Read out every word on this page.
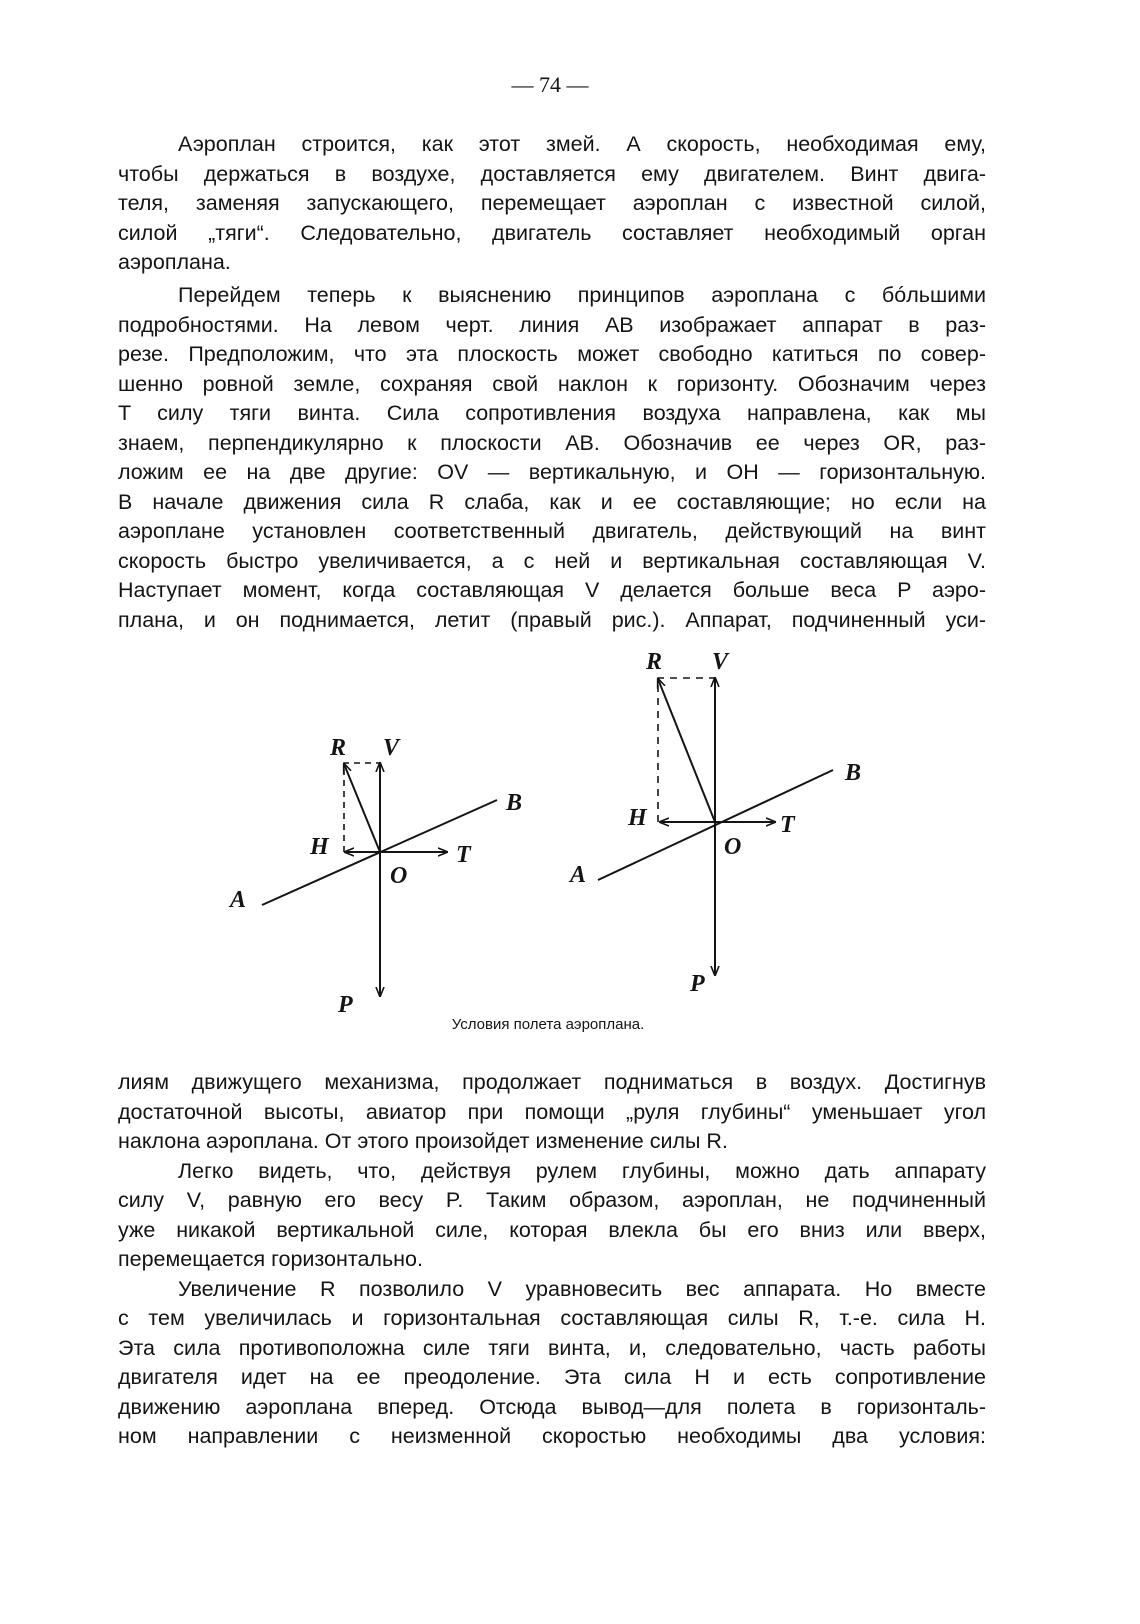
— 74 —
Аэроплан строится, как этот змей. А скорость, необходимая ему,
чтобы держаться в воздухе, доставляется ему двигателем. Винт двига-
теля, заменяя запускающего, перемещает аэроплан с известной силой,
силой „тяги“. Следовательно, двигатель составляет необходимый орган
аэроплана.
Перейдем теперь к выяснению принципов аэроплана с бóльшими
подробностями. На левом черт. линия AB изображает аппарат в раз-
резе. Предположим, что эта плоскость может свободно катиться по совер-
шенно ровной земле, сохраняя свой наклон к горизонту. Обозначим через
T силу тяги винта. Сила сопротивления воздуха направлена, как мы
знаем, перпендикулярно к плоскости AB. Обозначив ее через OR, раз-
ложим ее на две другие: OV — вертикальную, и OH — горизонтальную.
В начале движения сила R слаба, как и ее составляющие; но если на
аэроплане установлен соответственный двигатель, действующий на винт
скорость быстро увеличивается, а с ней и вертикальная составляющая V.
Наступает момент, когда составляющая V делается больше веса P аэро-
плана, и он поднимается, летит (правый рис.). Аппарат, подчиненный уси-
R V
B
H	T
O
A
P
R V
B
H	T
O
A
P
Условия полета аэроплана.
лиям движущего механизма, продолжает подниматься в воздух. Достигнув
достаточной высоты, авиатор при помощи „руля глубины“ уменьшает угол
наклона аэроплана. От этого произойдет изменение силы R.
Легко видеть, что, действуя рулем глубины, можно дать аппарату
силу V, равную его весу P. Таким образом, аэроплан, не подчиненный
уже никакой вертикальной силе, которая влекла бы его вниз или вверх,
перемещается горизонтально.
Увеличение R позволило V уравновесить вес аппарата. Но вместе
с тем увеличилась и горизонтальная составляющая силы R, т.-е. сила H.
Эта сила противоположна силе тяги винта, и, следовательно, часть работы
двигателя идет на ее преодоление. Эта сила H и есть сопротивление
движению аэроплана вперед. Отсюда вывод—для полета в горизонталь-
ном направлении с неизменной скоростью необходимы два условия:
